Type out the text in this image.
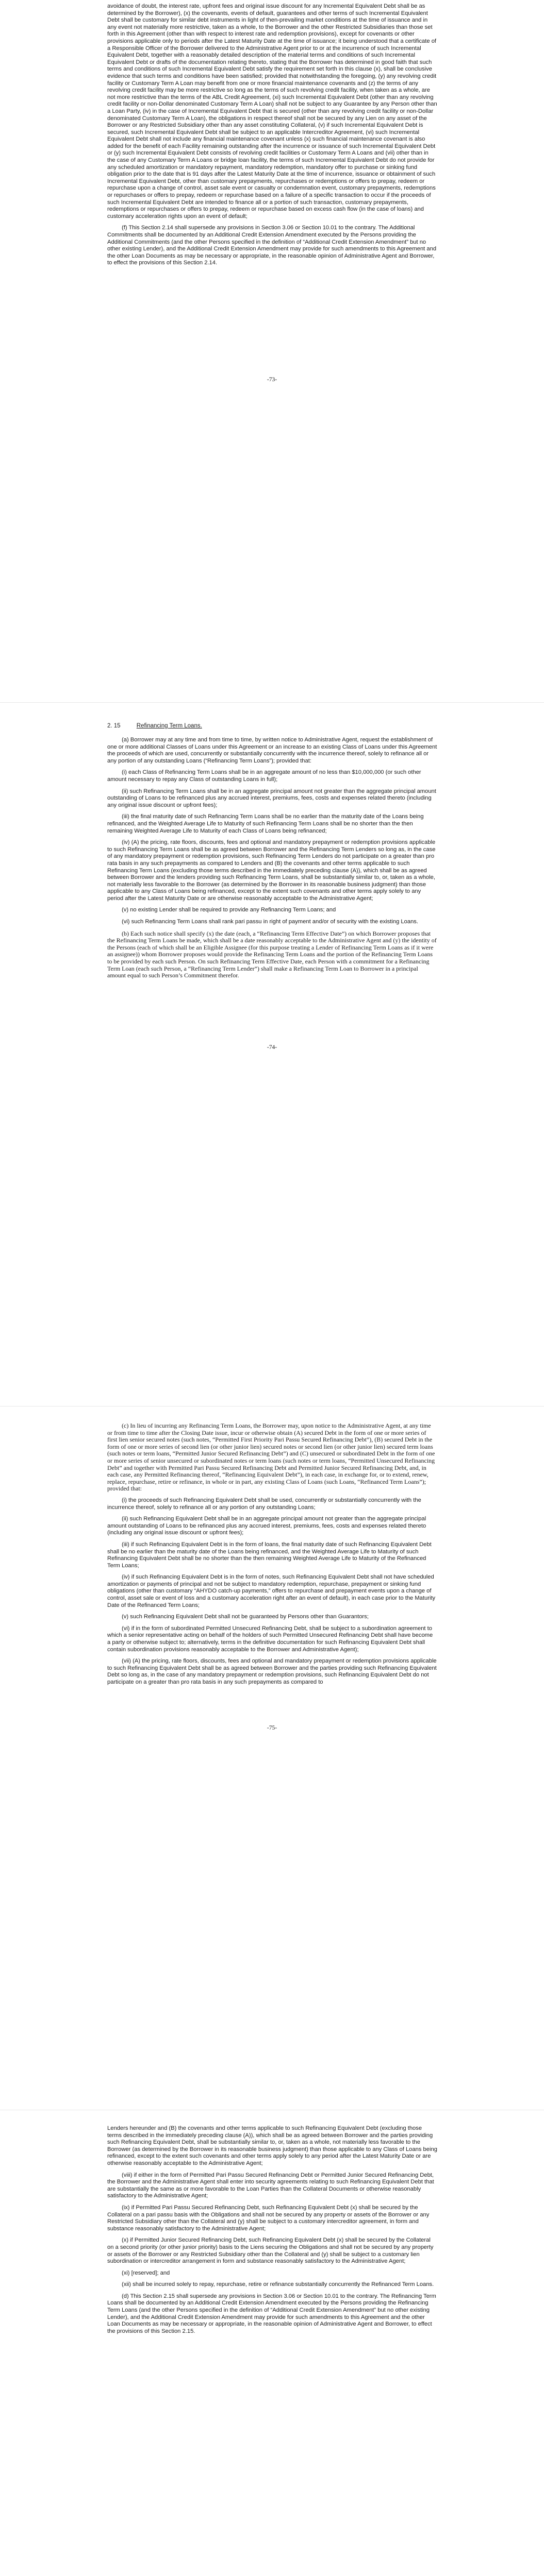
avoidance of doubt, the interest rate, upfront fees and original issue discount for any Incremental Equivalent Debt shall be as determined by the Borrower), (x) the covenants, events of default, guarantees and other terms of such Incremental Equivalent Debt shall be customary for similar debt instruments in light of then-prevailing market conditions at the time of issuance and in any event not materially more restrictive, taken as a whole, to the Borrower and the other Restricted Subsidiaries than those set forth in this Agreement (other than with respect to interest rate and redemption provisions), except for covenants or other provisions applicable only to periods after the Latest Maturity Date at the time of issuance; it being understood that a certificate of a Responsible Officer of the Borrower delivered to the Administrative Agent prior to or at the incurrence of such Incremental Equivalent Debt, together with a reasonably detailed description of the material terms and conditions of such Incremental Equivalent Debt or drafts of the documentation relating thereto, stating that the Borrower has determined in good faith that such terms and conditions of such Incremental Equivalent Debt satisfy the requirement set forth in this clause (x), shall be conclusive evidence that such terms and conditions have been satisfied; provided that notwithstanding the foregoing, (y) any revolving credit facility or Customary Term A Loan may benefit from one or more financial maintenance covenants and (z) the terms of any revolving credit facility may be more restrictive so long as the terms of such revolving credit facility, when taken as a whole, are not more restrictive than the terms of the ABL Credit Agreement, (xi) such Incremental Equivalent Debt (other than any revolving credit facility or non-Dollar denominated Customary Term A Loan) shall not be subject to any Guarantee by any Person other than a Loan Party, (iv) in the case of Incremental Equivalent Debt that is secured (other than any revolving credit facility or non-Dollar denominated Customary Term A Loan), the obligations in respect thereof shall not be secured by any Lien on any asset of the Borrower or any Restricted Subsidiary other than any asset constituting Collateral, (v) if such Incremental Equivalent Debt is secured, such Incremental Equivalent Debt shall be subject to an applicable Intercreditor Agreement, (vi) such Incremental Equivalent Debt shall not include any financial maintenance covenant unless (x) such financial maintenance covenant is also added for the benefit of each Facility remaining outstanding after the incurrence or issuance of such Incremental Equivalent Debt or (y) such Incremental Equivalent Debt consists of revolving credit facilities or Customary Term A Loans and (vii) other than in the case of any Customary Term A Loans or bridge loan facility, the terms of such Incremental Equivalent Debt do not provide for any scheduled amortization or mandatory repayment, mandatory redemption, mandatory offer to purchase or sinking fund obligation prior to the date that is 91 days after the Latest Maturity Date at the time of incurrence, issuance or obtainment of such Incremental Equivalent Debt, other than customary prepayments, repurchases or redemptions or offers to prepay, redeem or repurchase upon a change of control, asset sale event or casualty or condemnation event, customary prepayments, redemptions or repurchases or offers to prepay, redeem or repurchase based on a failure of a specific transaction to occur if the proceeds of such Incremental Equivalent Debt are intended to finance all or a portion of such transaction, customary prepayments, redemptions or repurchases or offers to prepay, redeem or repurchase based on excess cash flow (in the case of loans) and customary acceleration rights upon an event of default;

(f) This Section 2.14 shall supersede any provisions in Section 3.06 or Section 10.01 to the contrary. The Additional Commitments shall be documented by an Additional Credit Extension Amendment executed by the Persons providing the Additional Commitments (and the other Persons specified in the definition of “Additional Credit Extension Amendment” but no other existing Lender), and the Additional Credit Extension Amendment may provide for such amendments to this Agreement and the other Loan Documents as may be necessary or appropriate, in the reasonable opinion of Administrative Agent and Borrower, to effect the provisions of this Section 2.14.

-73-
2. 15	Refinancing Term Loans.

(a) Borrower may at any time and from time to time, by written notice to Administrative Agent, request the establishment of one or more additional Classes of Loans under this Agreement or an increase to an existing Class of Loans under this Agreement the proceeds of which are used, concurrently or substantially concurrently with the incurrence thereof, solely to refinance all or any portion of any outstanding Loans (“Refinancing Term Loans”); provided that:

(i) each Class of Refinancing Term Loans shall be in an aggregate amount of no less than $10,000,000 (or such other amount necessary to repay any Class of outstanding Loans in full);

(ii) such Refinancing Term Loans shall be in an aggregate principal amount not greater than the aggregate principal amount outstanding of Loans to be refinanced plus any accrued interest, premiums, fees, costs and expenses related thereto (including any original issue discount or upfront fees);

(iii) the final maturity date of such Refinancing Term Loans shall be no earlier than the maturity date of the Loans being refinanced, and the Weighted Average Life to Maturity of such Refinancing Term Loans shall be no shorter than the then remaining Weighted Average Life to Maturity of each Class of Loans being refinanced;

(iv) (A) the pricing, rate floors, discounts, fees and optional and mandatory prepayment or redemption provisions applicable to such Refinancing Term Loans shall be as agreed between Borrower and the Refinancing Term Lenders so long as, in the case of any mandatory prepayment or redemption provisions, such Refinancing Term Lenders do not participate on a greater than pro rata basis in any such prepayments as compared to Lenders and (B) the covenants and other terms applicable to such Refinancing Term Loans (excluding those terms described in the immediately preceding clause (A)), which shall be as agreed between Borrower and the lenders providing such Refinancing Term Loans, shall be substantially similar to, or, taken as a whole, not materially less favorable to the Borrower (as determined by the Borrower in its reasonable business judgment) than those applicable to any Class of Loans being refinanced, except to the extent such covenants and other terms apply solely to any period after the Latest Maturity Date or are otherwise reasonably acceptable to the Administrative Agent;

(v) no existing Lender shall be required to provide any Refinancing Term Loans; and

(vi) such Refinancing Term Loans shall rank pari passu in right of payment and/or of security with the existing Loans.

(b) Each such notice shall specify (x) the date (each, a “Refinancing Term Effective Date”) on which Borrower proposes that the Refinancing Term Loans be made, which shall be a date reasonably acceptable to the Administrative Agent and (y) the identity of the Persons (each of which shall be an Eligible Assignee (for this purpose treating a Lender of Refinancing Term Loans as if it were an assignee)) whom Borrower proposes would provide the Refinancing Term Loans and the portion of the Refinancing Term Loans to be provided by each such Person. On such Refinancing Term Effective Date, each Person with a commitment for a Refinancing Term Loan (each such Person, a “Refinancing Term Lender”) shall make a Refinancing Term Loan to Borrower in a principal amount equal to such Person’s Commitment therefor.

-74-

(c) In lieu of incurring any Refinancing Term Loans, the Borrower may, upon notice to the Administrative Agent, at any time or from time to time after the Closing Date issue, incur or otherwise obtain (A) secured Debt in the form of one or more series of first lien senior secured notes (such notes, “Permitted First Priority Pari Passu Secured Refinancing Debt”), (B) secured Debt in the form of one or more series of second lien (or other junior lien) secured notes or second lien (or other junior lien) secured term loans (such notes or term loans, “Permitted Junior Secured Refinancing Debt”) and (C) unsecured or subordinated Debt in the form of one or more series of senior unsecured or subordinated notes or term loans (such notes or term loans, “Permitted Unsecured Refinancing Debt” and together with Permitted Pari Passu Secured Refinancing Debt and Permitted Junior Secured Refinancing Debt, and, in each case, any Permitted Refinancing thereof, “Refinancing Equivalent Debt”), in each case, in exchange for, or to extend, renew, replace, repurchase, retire or refinance, in whole or in part, any existing Class of Loans (such Loans, “Refinanced Term Loans”); provided that:

(i) the proceeds of such Refinancing Equivalent Debt shall be used, concurrently or substantially concurrently with the incurrence thereof, solely to refinance all or any portion of any outstanding Loans;

(ii) such Refinancing Equivalent Debt shall be in an aggregate principal amount not greater than the aggregate principal amount outstanding of Loans to be refinanced plus any accrued interest, premiums, fees, costs and expenses related thereto (including any original issue discount or upfront fees);

(iii) if such Refinancing Equivalent Debt is in the form of loans, the final maturity date of such Refinancing Equivalent Debt shall be no earlier than the maturity date of the Loans being refinanced, and the Weighted Average Life to Maturity of such Refinancing Equivalent Debt shall be no shorter than the then remaining Weighted Average Life to Maturity of the Refinanced Term Loans;

(iv) if such Refinancing Equivalent Debt is in the form of notes, such Refinancing Equivalent Debt shall not have scheduled amortization or payments of principal and not be subject to mandatory redemption, repurchase, prepayment or sinking fund obligations (other than customary “AHYDO catch-up payments,” offers to repurchase and prepayment events upon a change of control, asset sale or event of loss and a customary acceleration right after an event of default), in each case prior to the Maturity Date of the Refinanced Term Loans;

(v) such Refinancing Equivalent Debt shall not be guaranteed by Persons other than Guarantors;

(vi) if in the form of subordinated Permitted Unsecured Refinancing Debt, shall be subject to a subordination agreement to which a senior representative acting on behalf of the holders of such Permitted Unsecured Refinancing Debt shall have become a party or otherwise subject to; alternatively, terms in the definitive documentation for such Refinancing Equivalent Debt shall contain subordination provisions reasonably acceptable to the Borrower and Administrative Agent);

(vii) (A) the pricing, rate floors, discounts, fees and optional and mandatory prepayment or redemption provisions applicable to such Refinancing Equivalent Debt shall be as agreed between Borrower and the parties providing such Refinancing Equivalent Debt so long as, in the case of any mandatory prepayment or redemption provisions, such Refinancing Equivalent Debt do not participate on a greater than pro rata basis in any such prepayments as compared to

-75-

Lenders hereunder and (B) the covenants and other terms applicable to such Refinancing Equivalent Debt (excluding those terms described in the immediately preceding clause (A)), which shall be as agreed between Borrower and the parties providing such Refinancing Equivalent Debt, shall be substantially similar to, or, taken as a whole, not materially less favorable to the Borrower (as determined by the Borrower in its reasonable business judgment) than those applicable to any Class of Loans being refinanced, except to the extent such covenants and other terms apply solely to any period after the Latest Maturity Date or are otherwise reasonably acceptable to the Administrative Agent;

(viii) if either in the form of Permitted Pari Passu Secured Refinancing Debt or Permitted Junior Secured Refinancing Debt, the Borrower and the Administrative Agent shall enter into security agreements relating to such Refinancing Equivalent Debt that are substantially the same as or more favorable to the Loan Parties than the Collateral Documents or otherwise reasonably satisfactory to the Administrative Agent;

(ix) if Permitted Pari Passu Secured Refinancing Debt, such Refinancing Equivalent Debt (x) shall be secured by the Collateral on a pari passu basis with the Obligations and shall not be secured by any property or assets of the Borrower or any Restricted Subsidiary other than the Collateral and (y) shall be subject to a customary intercreditor agreement, in form and substance reasonably satisfactory to the Administrative Agent;

(x) if Permitted Junior Secured Refinancing Debt, such Refinancing Equivalent Debt (x) shall be secured by the Collateral on a second priority (or other junior priority) basis to the Liens securing the Obligations and shall not be secured by any property or assets of the Borrower or any Restricted Subsidiary other than the Collateral and (y) shall be subject to a customary lien subordination or intercreditor arrangement in form and substance reasonably satisfactory to the Administrative Agent;

(xi) [reserved]; and

(xii) shall be incurred solely to repay, repurchase, retire or refinance substantially concurrently the Refinanced Term Loans.

(d) This Section 2.15 shall supersede any provisions in Section 3.06 or Section 10.01 to the contrary. The Refinancing Term Loans shall be documented by an Additional Credit Extension Amendment executed by the Persons providing the Refinancing Term Loans (and the other Persons specified in the definition of “Additional Credit Extension Amendment” but no other existing Lender), and the Additional Credit Extension Amendment may provide for such amendments to this Agreement and the other Loan Documents as may be necessary or appropriate, in the reasonable opinion of Administrative Agent and Borrower, to effect the provisions of this Section 2.15.
